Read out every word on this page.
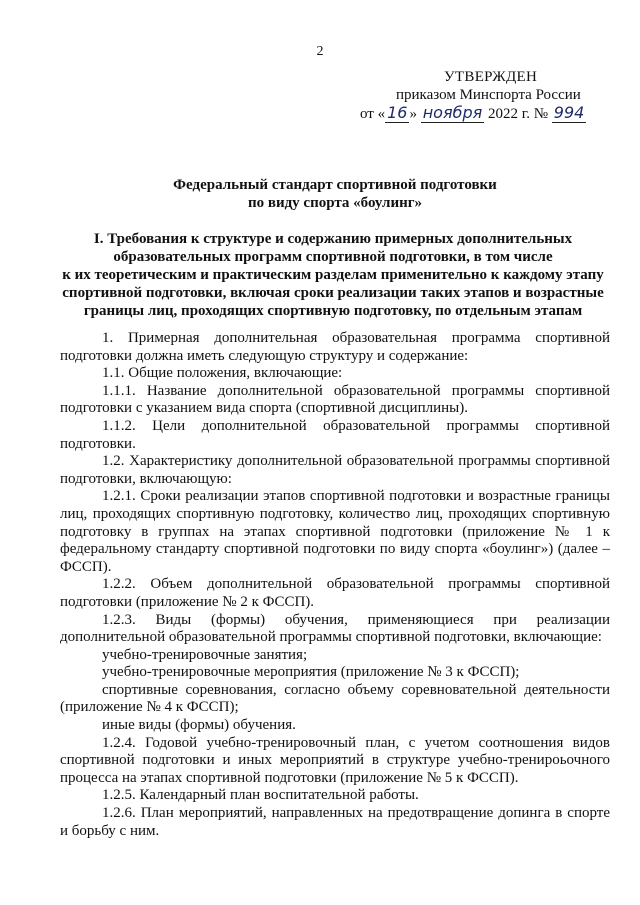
2
УТВЕРЖДЕН
приказом Минспорта России
от « 16 » ноября 2022 г. № 994
Федеральный стандарт спортивной подготовки
по виду спорта «боулинг»
I. Требования к структуре и содержанию примерных дополнительных
образовательных программ спортивной подготовки, в том числе
к их теоретическим и практическим разделам применительно к каждому этапу
спортивной подготовки, включая сроки реализации таких этапов и возрастные
границы лиц, проходящих спортивную подготовку, по отдельным этапам

1. Примерная дополнительная образовательная программа спортивной подготовки должна иметь следующую структуру и содержание:

1.1. Общие положения, включающие:

1.1.1. Название дополнительной образовательной программы спортивной подготовки с указанием вида спорта (спортивной дисциплины).

1.1.2. Цели дополнительной образовательной программы спортивной подготовки.

1.2. Характеристику дополнительной образовательной программы спортивной подготовки, включающую:

1.2.1. Сроки реализации этапов спортивной подготовки и возрастные границы лиц, проходящих спортивную подготовку, количество лиц, проходящих спортивную подготовку в группах на этапах спортивной подготовки (приложение № 1 к федеральному стандарту спортивной подготовки по виду спорта «боулинг») (далее – ФССП).

1.2.2. Объем дополнительной образовательной программы спортивной подготовки (приложение № 2 к ФССП).

1.2.3. Виды (формы) обучения, применяющиеся при реализации дополнительной образовательной программы спортивной подготовки, включающие:

учебно-тренировочные занятия;

учебно-тренировочные мероприятия (приложение № 3 к ФССП);

спортивные соревнования, согласно объему соревновательной деятельности (приложение № 4 к ФССП);

иные виды (формы) обучения.

1.2.4. Годовой учебно-тренировочный план, с учетом соотношения видов спортивной подготовки и иных мероприятий в структуре учебно-тренироьочного процесса на этапах спортивной подготовки (приложение № 5 к ФССП).

1.2.5. Календарный план воспитательной работы.

1.2.6. План мероприятий, направленных на предотвращение допинга в спорте и борьбу с ним.
